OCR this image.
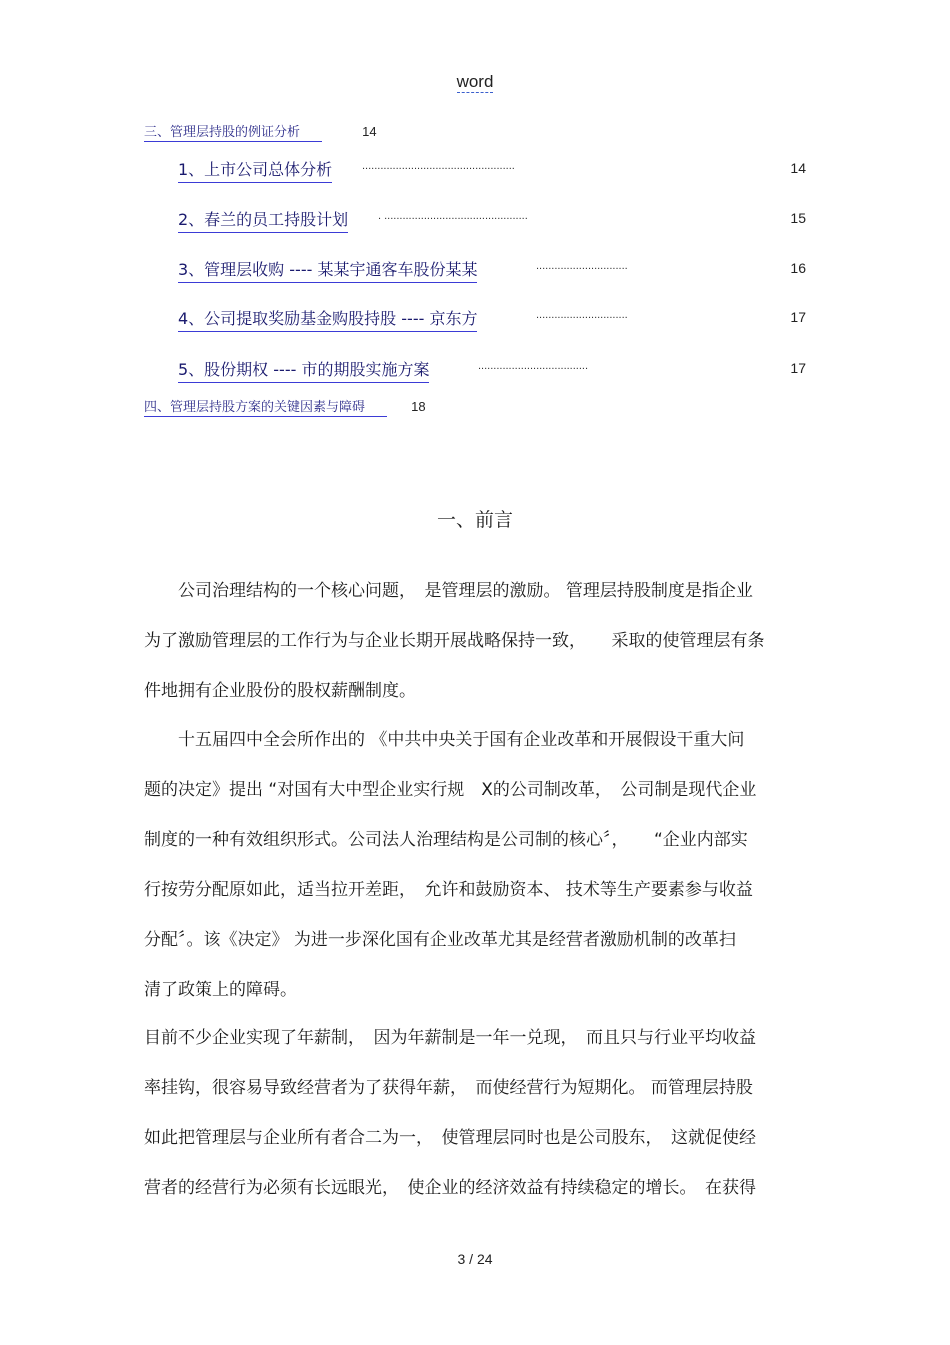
word
三、管理层持股的例证分析	14
1、上市公司总体分析	..................................................	14
2、春兰的员工持股计划	. ...............................................	15
3、管理层收购 ---- 某某宇通客车股份某某	..............................	16
4、公司提取奖励基金购股持股 ---- 京东方	..............................	17
5、股份期权 ---- 市的期股实施方案	....................................	17
四、管理层持股方案的关键因素与障碍	18
一、前言
　　公司治理结构的一个核心问题，　是管理层的激励。 管理层持股制度是指企业
为了激励管理层的工作行为与企业长期开展战略保持一致，　　采取的使管理层有条
件地拥有企业股份的股权薪酬制度。
　　十五届四中全会所作出的 《中共中央关于国有企业改革和开展假设干重大问
题的决定》提出 “对国有大中型企业实行规　X的公司制改革，　公司制是现代企业
制度的一种有效组织形式。公司法人治理结构是公司制的核心〞，　　“企业内部实
行按劳分配原如此，适当拉开差距，　允许和鼓励资本、 技术等生产要素参与收益
分配〞。该《决定》 为进一步深化国有企业改革尤其是经营者激励机制的改革扫
清了政策上的障碍。
目前不少企业实现了年薪制，　因为年薪制是一年一兑现，　而且只与行业平均收益
率挂钩，很容易导致经营者为了获得年薪，　而使经营行为短期化。 而管理层持股
如此把管理层与企业所有者合二为一，　使管理层同时也是公司股东，　这就促使经
营者的经营行为必须有长远眼光，　使企业的经济效益有持续稳定的增长。　在获得
3 / 24
